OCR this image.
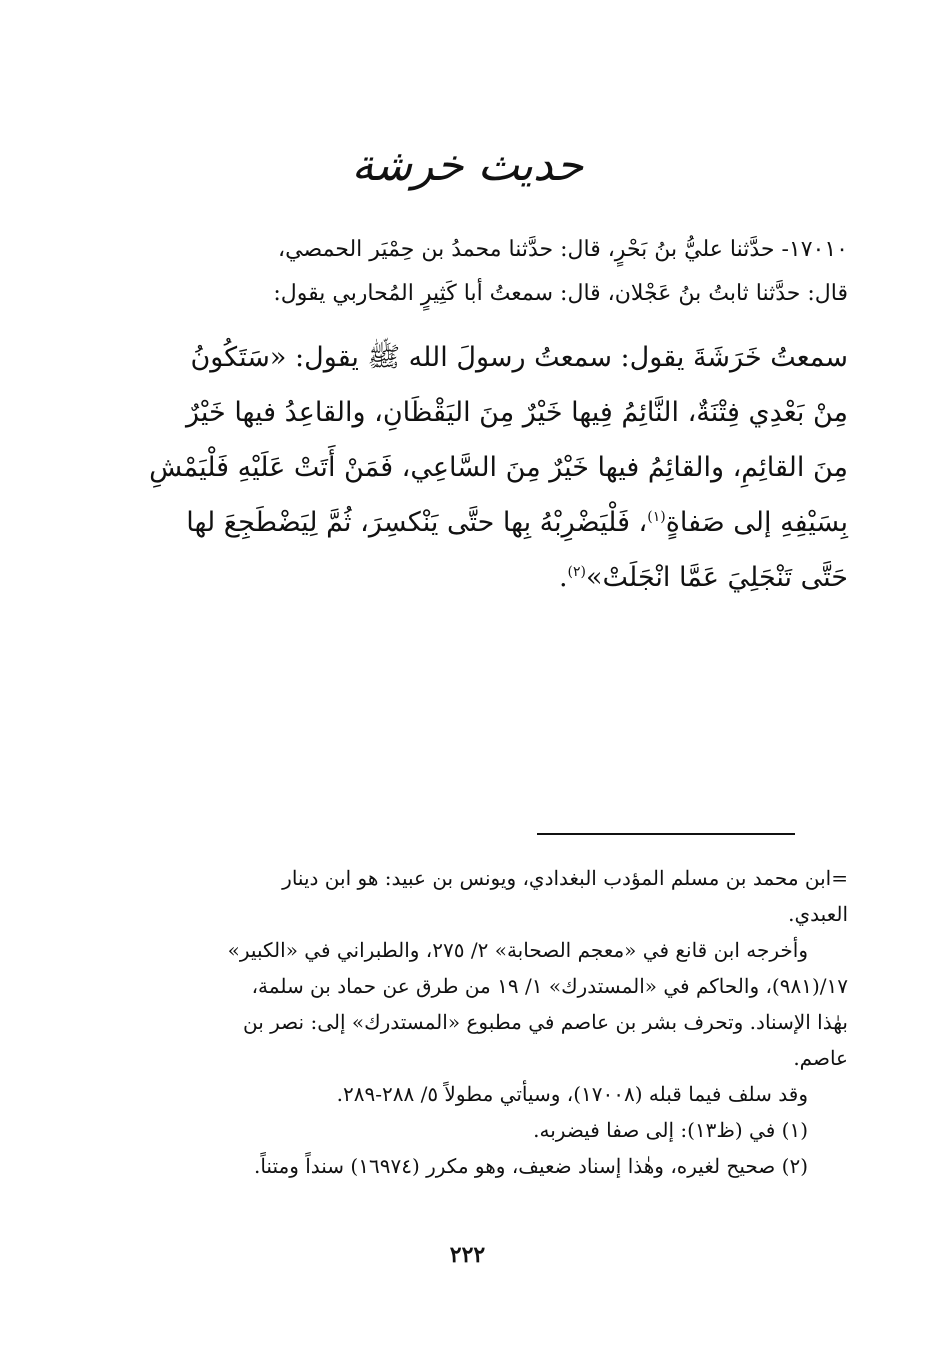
حديث خرشة
١٧٠١٠- حدَّثنا عليُّ بنُ بَحْرٍ، قال: حدَّثنا محمدُ بن حِمْيَر الحمصي،
قال: حدَّثنا ثابتُ بنُ عَجْلان، قال: سمعتُ أبا كَثِيرٍ المُحاربي يقول:
سمعتُ خَرَشَةَ يقول: سمعتُ رسولَ الله ﷺ يقول: «سَتَكُونُ
مِنْ بَعْدِي فِتْنَةٌ، النَّائِمُ فِيها خَيْرٌ مِنَ اليَقْظَانِ، والقاعِدُ فيها خَيْرٌ
مِنَ القائِمِ، والقائِمُ فيها خَيْرٌ مِنَ السَّاعِي، فَمَنْ أَتَتْ عَلَيْهِ فَلْيَمْشِ
بِسَيْفِهِ إلى صَفاةٍ$^{(١)}$، فَلْيَضْرِبْهُ بِها حتَّى يَنْكسِرَ، ثُمَّ لِيَضْطَجِعَ لها
حَتَّى تَنْجَلِيَ عَمَّا انْجَلَتْ»$^{(٢)}$.
=ابن محمد بن مسلم المؤدب البغدادي، ويونس بن عبيد: هو ابن دينار
العبدي.
وأخرجه ابن قانع في «معجم الصحابة» ٢/ ٢٧٥، والطبراني في «الكبير»
١٧/(٩٨١)، والحاكم في «المستدرك» ١/ ١٩ من طرق عن حماد بن سلمة،
بهٰذا الإسناد. وتحرف بشر بن عاصم في مطبوع «المستدرك» إلى: نصر بن
عاصم.
وقد سلف فيما قبله (١٧٠٠٨)، وسيأتي مطولاً ٥/ ٢٨٨-٢٨٩.
(١) في (ظ١٣): إلى صفا فيضربه.
(٢) صحيح لغيره، وهٰذا إسناد ضعيف، وهو مكرر (١٦٩٧٤) سنداً ومتناً.
٢٢٢
